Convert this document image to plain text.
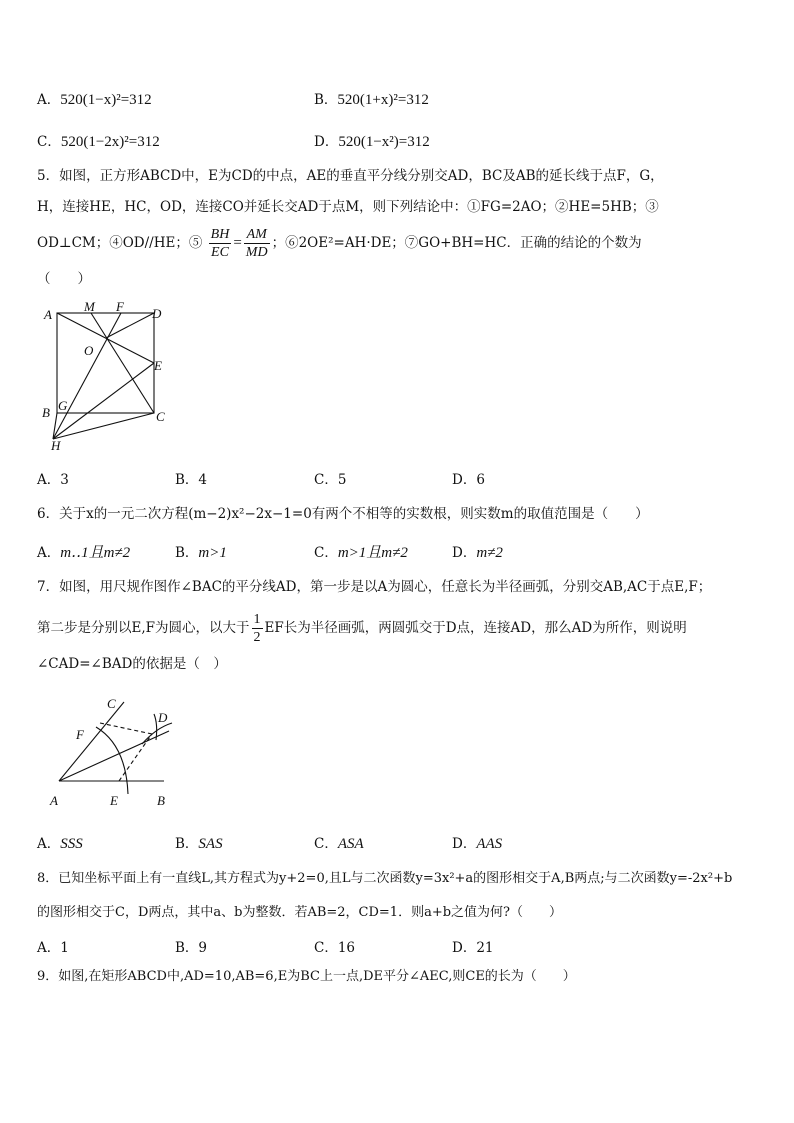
A．520(1−x)²=312	B．520(1+x)²=312
C．520(1−2x)²=312	D．520(1−x²)=312
5．如图，正方形ABCD中，E为CD的中点，AE的垂直平分线分别交AD，BC及AB的延长线于点F，G，
H，连接HE，HC，OD，连接CO并延长交AD于点M，则下列结论中：①FG=2AO；②HE=5HB；③
OD⊥CM；④OD//HE；⑤ $\frac{BH}{EC} = \frac{AM}{MD}$ ；⑥2OE²=AH·DE；⑦GO+BH=HC．正确的结论的个数为
（　　）
A
M F D
O
E
B G
C
H
A．3	B．4	C．5	D．6
6．关于x的一元二次方程(m−2)x²−2x−1=0有两个不相等的实数根，则实数m的取值范围是（　　）
A．m‥1且m≠2	B．m>1	C．m>1且m≠2	D．m≠2
7．如图，用尺规作图作∠BAC的平分线AD，第一步是以A为圆心，任意长为半径画弧，分别交AB,AC于点E,F；
第二步是分别以E,F为圆心，以大于 $\frac{1}{2}$ EF长为半径画弧，两圆弧交于D点，连接AD，那么AD为所作，则说明
∠CAD=∠BAD的依据是（　）
C
D
F
A	E	B
A．SSS	B．SAS	C．ASA	D．AAS
8．已知坐标平面上有一直线L,其方程式为y+2=0,且L与二次函数y=3x²+a的图形相交于A,B两点;与二次函数y=-2x²+b
的图形相交于C，D两点，其中a、b为整数．若AB=2，CD=1．则a+b之值为何?（　　）
A．1	B．9	C．16	D．21
9．如图,在矩形ABCD中,AD=10,AB=6,E为BC上一点,DE平分∠AEC,则CE的长为（　　）
